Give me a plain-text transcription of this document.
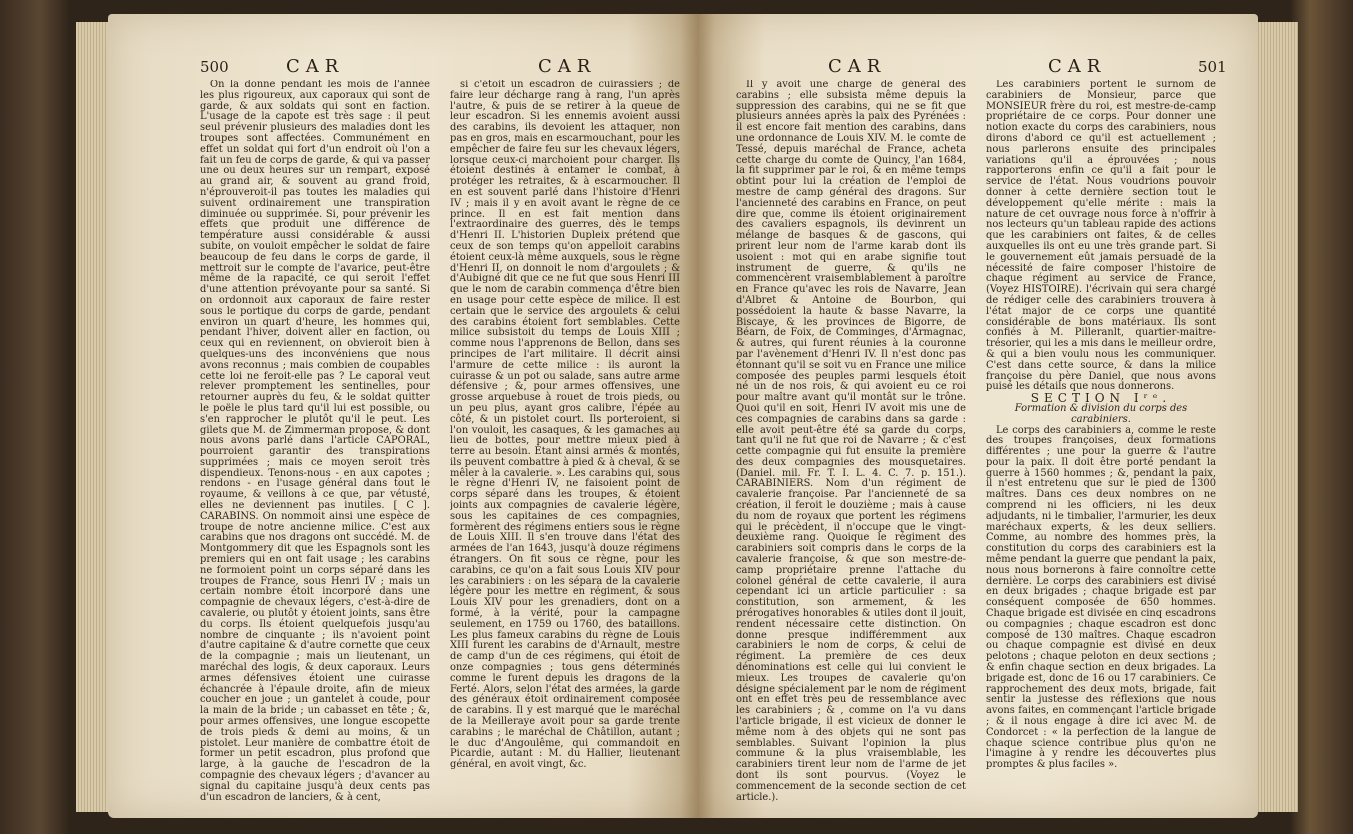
500	CAR	CAR

On la donne pendant les mois de l'année les plus rigoureux, aux caporaux qui sont de garde, & aux soldats qui sont en faction. L'usage de la capote est très sage : il peut seul prévenir plusieurs des maladies dont les troupes sont affectées. Communément en effet un soldat qui fort d'un endroit où l'on a fait un feu de corps de garde, & qui va passer une ou deux heures sur un rempart, exposé au grand air, & souvent au grand froid, n'éprouveroit-il pas toutes les maladies qui suivent ordinairement une transpiration diminuée ou supprimée. Si, pour prévenir les effets que produit une différence de température aussi considérable & aussi subite, on vouloit empêcher le soldat de faire beaucoup de feu dans le corps de garde, il mettroit sur le compte de l'avarice, peut-être même de la rapacité, ce qui seroit l'effet d'une attention prévoyante pour sa santé. Si on ordonnoit aux caporaux de faire rester sous le portique du corps de garde, pendant environ un quart d'heure, les hommes qui, pendant l'hiver, doivent aller en faction, ou ceux qui en reviennent, on obvieroit bien à quelques-uns des inconvéniens que nous avons reconnus ; mais combien de coupables cette loi ne feroit-elle pas ? Le caporal veut relever promptement les sentinelles, pour retourner auprès du feu, & le soldat quitter le poële le plus tard qu'il lui est possible, ou s'en rapprocher le plutôt qu'il le peut. Les gilets que M. de Zimmerman propose, & dont nous avons parlé dans l'article CAPORAL, pourroient garantir des transpirations supprimées ; mais ce moyen seroit très dispendieux. Tenons-nous - en aux capotes ; rendons - en l'usage général dans tout le royaume, & veillons à ce que, par vétusté, elles ne deviennent pas inutiles. [ C ]. CARABINS. On nommoit ainsi une espèce de troupe de notre ancienne milice. C'est aux carabins que nos dragons ont succédé. M. de Montgommery dit que les Espagnols sont les premiers qui en ont fait usage ; les carabins ne formoient point un corps séparé dans les troupes de France, sous Henri IV ; mais un certain nombre étoit incorporé dans une compagnie de chevaux légers, c'est-à-dire de cavalerie, ou plutôt y étoient joints, sans être du corps. Ils étoient quelquefois jusqu'au nombre de cinquante ; ils n'avoient point d'autre capitaine & d'autre cornette que ceux de la compagnie ; mais un lieutenant, un maréchal des logis, & deux caporaux. Leurs armes défensives étoient une cuirasse échancrée à l'épaule droite, afin de mieux coucher en joue ; un gantelet à coude, pour la main de la bride ; un cabasset en tête ; &, pour armes offensives, une longue escopette de trois pieds & demi au moins, & un pistolet. Leur manière de combattre étoit de former un petit escadron, plus profond que large, à la gauche de l'escadron de la compagnie des chevaux légers ; d'avancer au signal du capitaine jusqu'à deux cents pas d'un escadron de lanciers, & à cent,

si c'étoit un escadron de cuirassiers ; de faire leur décharge rang à rang, l'un après l'autre, & puis de se retirer à la queue de leur escadron. Si les ennemis avoient aussi des carabins, ils devoient les attaquer, non pas en gros, mais en escarmouchant, pour les empêcher de faire feu sur les chevaux légers, lorsque ceux-ci marchoient pour charger. Ils étoient destinés à entamer le combat, à protéger les retraites, & à escarmoucher. Il en est souvent parlé dans l'histoire d'Henri IV ; mais il y en avoit avant le règne de ce prince. Il en est fait mention dans l'extraordinaire des guerres, dès le temps d'Henri II. L'historien Dupleix prétend que ceux de son temps qu'on appelloit carabins étoient ceux-là même auxquels, sous le règne d'Henri II, on donnoit le nom d'argoulets ; & d'Aubigné dit que ce ne fut que sous Henri III que le nom de carabin commença d'être bien en usage pour cette espèce de milice. Il est certain que le service des argoulets & celui des carabins étoient fort semblables. Cette milice subsistoit du temps de Louis XIII ; comme nous l'apprenons de Bellon, dans ses principes de l'art militaire. Il décrit ainsi l'armure de cette milice : ils auront la cuirasse & un pot ou salade, sans autre arme défensive ; &, pour armes offensives, une grosse arquebuse à rouet de trois pieds, ou un peu plus, ayant gros calibre, l'épée au côté, & un pistolet court. Ils porteroient, si l'on vouloit, les casaques, & les gamaches au lieu de bottes, pour mettre mieux pied à terre au besoin. Étant ainsi armés & montés, ils peuvent combattre à pied & à cheval, & se mêler à la cavalerie. ». Les carabins qui, sous le règne d'Henri IV, ne faisoient point de corps séparé dans les troupes, & étoient joints aux compagnies de cavalerie légère, sous les capitaines de ces compagnies, formèrent des régimens entiers sous le règne de Louis XIII. Il s'en trouve dans l'état des armées de l'an 1643, jusqu'à douze régimens étrangers. On fit sous ce règne, pour les carabins, ce qu'on a fait sous Louis XIV pour les carabiniers : on les sépara de la cavalerie légère pour les mettre en régiment, & sous Louis XIV pour les grenadiers, dont on a formé, à la vérité, pour la campagne seulement, en 1759 ou 1760, des bataillons. Les plus fameux carabins du règne de Louis XIII furent les carabins de d'Arnault, mestre de camp d'un de ces régimens, qui étoit de onze compagnies ; tous gens déterminés comme le furent depuis les dragons de la Ferté. Alors, selon l'état des armées, la garde des généraux étoit ordinairement composée de carabins. Il y est marqué que le maréchal de la Meilleraye avoit pour sa garde trente carabins ; le maréchal de Châtillon, autant ; le duc d'Angoulême, qui commandoit en Picardie, autant : M. du Hallier, lieutenant général, en avoit vingt, &c.

CAR	CAR	501

Il y avoit une charge de général des carabins ; elle subsista même depuis la suppression des carabins, qui ne se fit que plusieurs années après la paix des Pyrénées : il est encore fait mention des carabins, dans une ordonnance de Louis XIV. M. le comte de Tessé, depuis maréchal de France, acheta cette charge du comte de Quincy, l'an 1684, la fit supprimer par le roi, & en même temps obtint pour lui la création de l'emploi de mestre de camp général des dragons. Sur l'ancienneté des carabins en France, on peut dire que, comme ils étoient originairement des cavaliers espagnols, ils devinrent un mélange de basques & de gascons, qui prirent leur nom de l'arme karab dont ils usoient : mot qui en arabe signifie tout instrument de guerre, & qu'ils ne commencèrent vraisemblablement à paroître en France qu'avec les rois de Navarre, Jean d'Albret & Antoine de Bourbon, qui possédoient la haute & basse Navarre, la Biscaye, & les provinces de Bigorre, de Béarn, de Foix, de Comminges, d'Armagnac, & autres, qui furent réunies à la couronne par l'avènement d'Henri IV. Il n'est donc pas étonnant qu'il se soit vu en France une milice composée des peuples parmi lesquels étoit né un de nos rois, & qui avoient eu ce roi pour maître avant qu'il montât sur le trône. Quoi qu'il en soit, Henri IV avoit mis une de ces compagnies de carabins dans sa garde : elle avoit peut-être été sa garde du corps, tant qu'il ne fut que roi de Navarre ; & c'est cette compagnie qui fut ensuite la première des deux compagnies des mousquetaires. (Daniel. mil. Fr. T. I. L. 4. C. 7. p. 151.). CARABINIERS. Nom d'un régiment de cavalerie françoise. Par l'ancienneté de sa création, il feroit le douzième ; mais à cause du nom de royaux que portent les régimens qui le précèdent, il n'occupe que le vingt-deuxième rang. Quoique le régiment des carabiniers soit compris dans le corps de la cavalerie françoise, & que son mestre-de-camp propriétaire prenne l'attache du colonel général de cette cavalerie, il aura cependant ici un article particulier : sa constitution, son armement, & les prérogatives honorables & utiles dont il jouit, rendent nécessaire cette distinction. On donne presque indifféremment aux carabiniers le nom de corps, & celui de régiment. La première de ces deux dénominations est celle qui lui convient le mieux. Les troupes de cavalerie qu'on désigne spécialement par le nom de régiment ont en effet très peu de ressemblance avec les carabiniers ; & , comme on l'a vu dans l'article brigade, il est vicieux de donner le même nom à des objets qui ne sont pas semblables. Suivant l'opinion la plus commune & la plus vraisemblable, les carabiniers tirent leur nom de l'arme de jet dont ils sont pourvus. (Voyez le commencement de la seconde section de cet article.).

Les carabiniers portent le surnom de carabiniers de Monsieur, parce que MONSIEUR frère du roi, est mestre-de-camp propriétaire de ce corps. Pour donner une notion exacte du corps des carabiniers, nous dirons d'abord ce qu'il est actuellement ; nous parlerons ensuite des principales variations qu'il a éprouvées ; nous rapporterons enfin ce qu'il a fait pour le service de l'état. Nous voudrions pouvoir donner à cette dernière section tout le développement qu'elle mérite : mais la nature de cet ouvrage nous force à n'offrir à nos lecteurs qu'un tableau rapide des actions que les carabiniers ont faites, & de celles auxquelles ils ont eu une très grande part. Si le gouvernement eût jamais persuadé de la nécessité de faire composer l'histoire de chaque régiment au service de France, (Voyez HISTOIRE). l'écrivain qui sera chargé de rédiger celle des carabiniers trouvera à l'état major de ce corps une quantité considérable de bons matériaux. Ils sont confiés à M. Pilleranlt, quartier-maitre-trésorier, qui les a mis dans le meilleur ordre, & qui a bien voulu nous les communiquer. C'est dans cette source, & dans la milice françoise du père Daniel, que nous avons puisé les détails que nous donnerons.

SECTION Iʳᵉ.

Formation & division du corps des carabiniers.

Le corps des carabiniers a, comme le reste des troupes françoises, deux formations différentes ; une pour la guerre & l'autre pour la paix. Il doit être porté pendant la guerre à 1560 hommes ; &, pendant la paix, il n'est entretenu que sur le pied de 1300 maîtres. Dans ces deux nombres on ne comprend ni les officiers, ni les deux adjudants, ni le timbalier, l'armurier, les deux maréchaux experts, & les deux selliers. Comme, au nombre des hommes près, la constitution du corps des carabiniers est la même pendant la guerre que pendant la paix, nous nous bornerons à faire connoître cette dernière. Le corps des carabiniers est divisé en deux brigades ; chaque brigade est par conséquent composée de 650 hommes. Chaque brigade est divisée en cinq escadrons ou compagnies ; chaque escadron est donc composé de 130 maîtres. Chaque escadron ou chaque compagnie est divisé en deux pelotons ; chaque peloton en deux sections ; & enfin chaque section en deux brigades. La brigade est, donc de 16 ou 17 carabiniers. Ce rapprochement des deux mots, brigade, fait sentir la justesse des réflexions que nous avons faites, en commençant l'article brigade ; & il nous engage à dire ici avec M. de Condorcet : « la perfection de la langue de chaque science contribue plus qu'on ne l'imagine à y rendre les découvertes plus promptes & plus faciles ».
